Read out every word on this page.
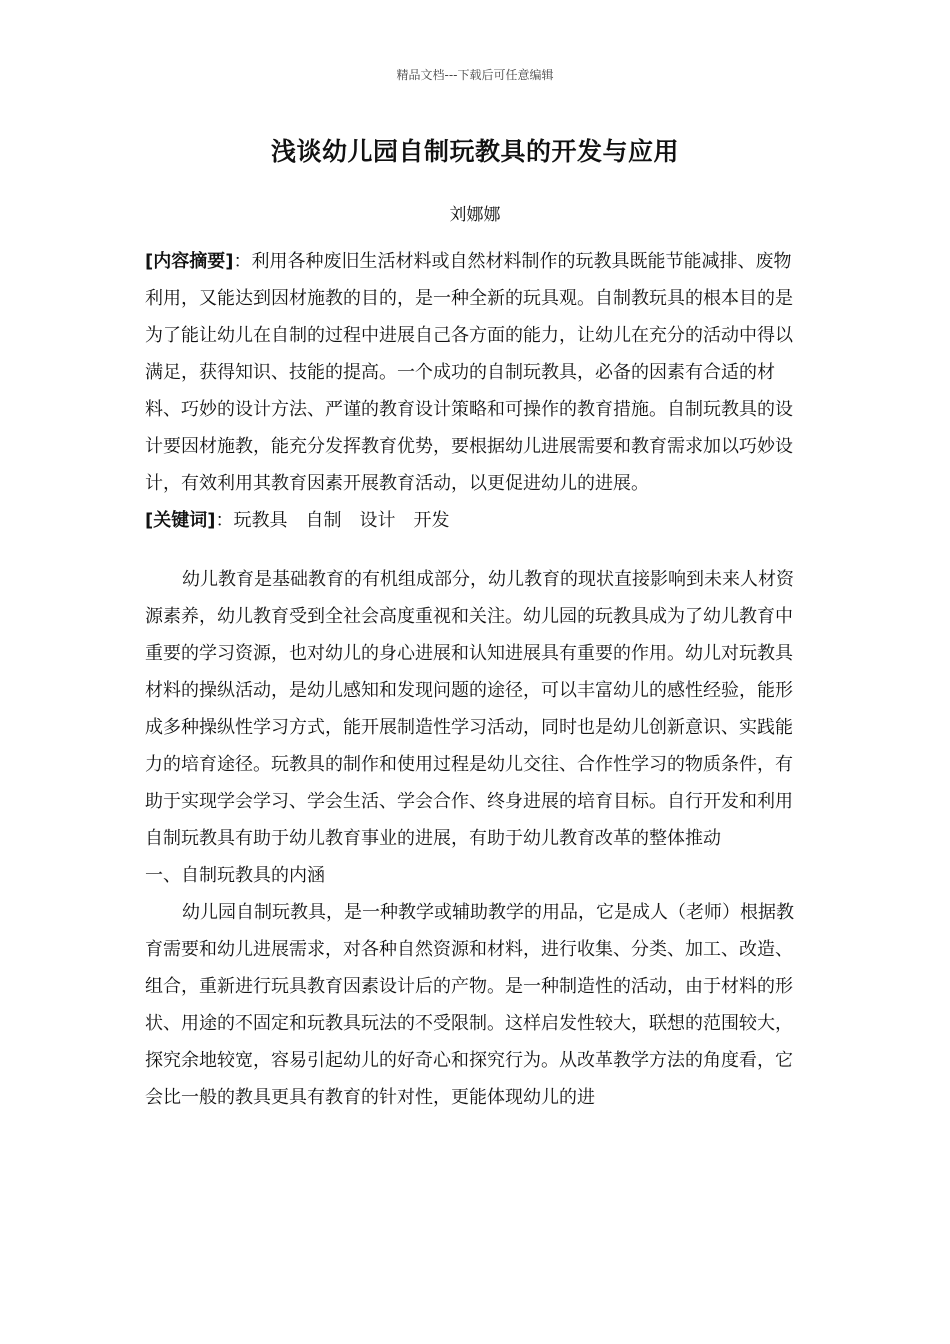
精品文档---下载后可任意编辑
浅谈幼儿园自制玩教具的开发与应用
刘娜娜

[内容摘要]：利用各种废旧生活材料或自然材料制作的玩教具既能节能减排、废物利用，又能达到因材施教的目的，是一种全新的玩具观。自制教玩具的根本目的是为了能让幼儿在自制的过程中进展自己各方面的能力，让幼儿在充分的活动中得以满足，获得知识、技能的提高。一个成功的自制玩教具，必备的因素有合适的材料、巧妙的设计方法、严谨的教育设计策略和可操作的教育措施。自制玩教具的设计要因材施教，能充分发挥教育优势，要根据幼儿进展需要和教育需求加以巧妙设计，有效利用其教育因素开展教育活动，以更促进幼儿的进展。

[关键词]：玩教具 自制 设计 开发

幼儿教育是基础教育的有机组成部分，幼儿教育的现状直接影响到未来人材资源素养，幼儿教育受到全社会高度重视和关注。幼儿园的玩教具成为了幼儿教育中重要的学习资源，也对幼儿的身心进展和认知进展具有重要的作用。幼儿对玩教具材料的操纵活动，是幼儿感知和发现问题的途径，可以丰富幼儿的感性经验，能形成多种操纵性学习方式，能开展制造性学习活动，同时也是幼儿创新意识、实践能力的培育途径。玩教具的制作和使用过程是幼儿交往、合作性学习的物质条件，有助于实现学会学习、学会生活、学会合作、终身进展的培育目标。自行开发和利用自制玩教具有助于幼儿教育事业的进展，有助于幼儿教育改革的整体推动

一、自制玩教具的内涵

幼儿园自制玩教具，是一种教学或辅助教学的用品，它是成人（老师）根据教育需要和幼儿进展需求，对各种自然资源和材料，进行收集、分类、加工、改造、组合，重新进行玩具教育因素设计后的产物。是一种制造性的活动，由于材料的形状、用途的不固定和玩教具玩法的不受限制。这样启发性较大，联想的范围较大，探究余地较宽，容易引起幼儿的好奇心和探究行为。从改革教学方法的角度看，它会比一般的教具更具有教育的针对性，更能体现幼儿的进
